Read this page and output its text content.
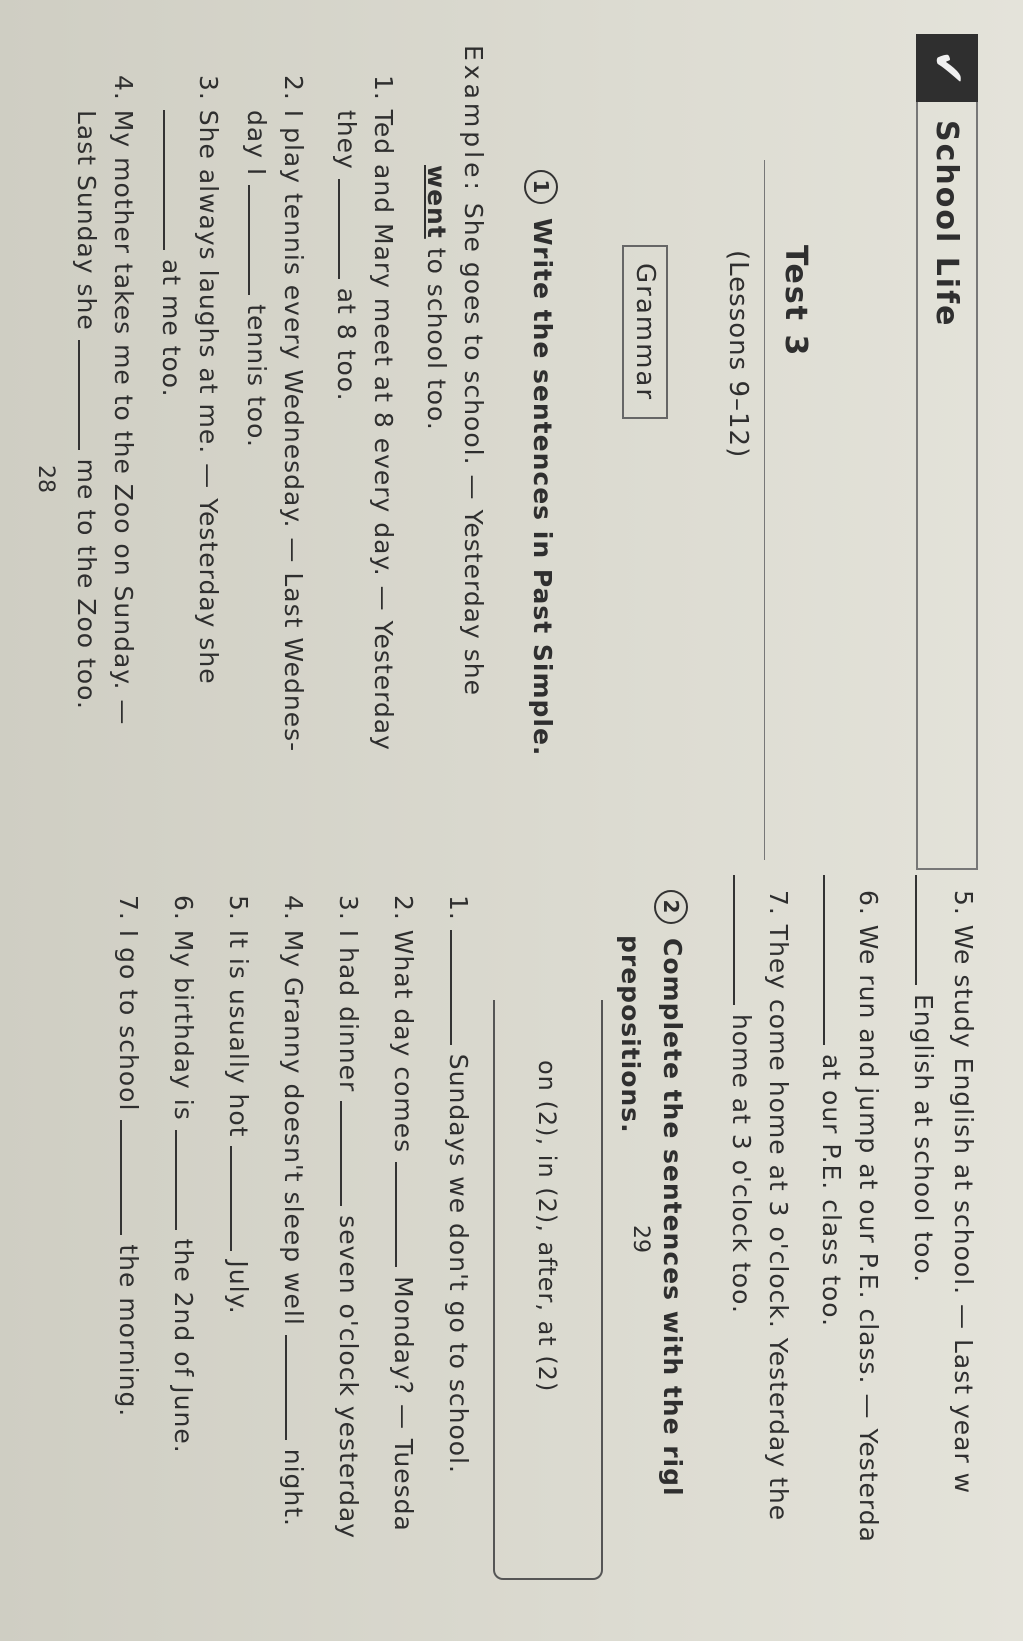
✔
School Life
Test 3
(Lessons 9–12)
Grammar
1Write the sentences in Past Simple.
Example: She goes to school. — Yesterday she
went to school too.
1. Ted and Mary meet at 8 every day. — Yesterday
they  at 8 too.
2. I play tennis every Wednesday. — Last Wednes-
day I  tennis too.
3. She always laughs at me. — Yesterday she
at me too.
4. My mother takes me to the Zoo on Sunday. —
Last Sunday she  me to the Zoo too.
28
5. We study English at school. — Last year w
English at school too.
6. We run and jump at our P.E. class. — Yesterda
at our P.E. class too.
7. They come home at 3 o'clock. Yesterday the
home at 3 o'clock too.
2Complete the sentences with the rigl
prepositions.
on (2), in (2), after, at (2)
1.  Sundays we don't go to school.
2. What day comes  Monday? — Tuesda
3. I had dinner  seven o'clock yesterday
4. My Granny doesn't sleep well  night.
5. It is usually hot  July.
6. My birthday is  the 2nd of June.
7. I go to school  the morning.
29
